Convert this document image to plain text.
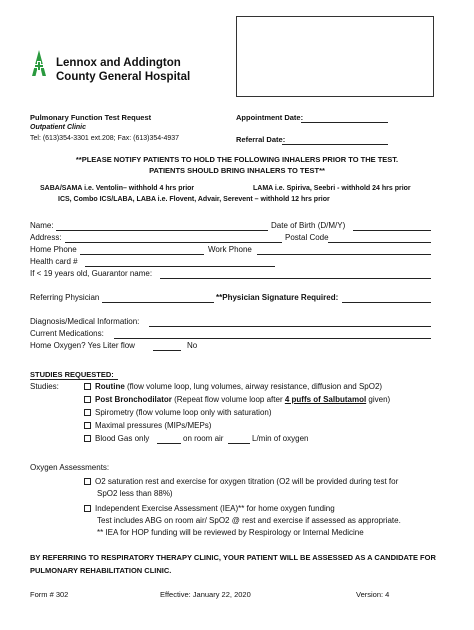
Lennox and Addington
County General Hospital
Pulmonary Function Test Request
Outpatient Clinic
Tel: (613)354-3301 ext.208; Fax: (613)354-4937
Appointment Date:
Referral Date:
**PLEASE NOTIFY PATIENTS TO HOLD THE FOLLOWING INHALERS PRIOR TO THE TEST.
PATIENTS SHOULD BRING INHALERS TO TEST**
SABA/SAMA i.e. Ventolin– withhold 4 hrs prior	LAMA i.e. Spiriva, Seebri - withhold 24 hrs prior
ICS, Combo ICS/LABA, LABA i.e. Flovent, Advair, Serevent – withhold 12 hrs prior
Name:	Date of Birth (D/M/Y)
Address:	Postal Code
Home Phone	Work Phone
Health card #
If < 19 years old, Guarantor name:
Referring Physician	**Physician Signature Required:
Diagnosis/Medical Information:
Current Medications:
Home Oxygen? Yes Liter flow	No
STUDIES REQUESTED:
Studies:	Routine (flow volume loop, lung volumes, airway resistance, diffusion and SpO2)
Post Bronchodilator (Repeat flow volume loop after 4 puffs of Salbutamol given)
Spirometry (flow volume loop only with saturation)
Maximal pressures (MIPs/MEPs)
Blood Gas only	on room air	L/min of oxygen
Oxygen Assessments:
O2 saturation rest and exercise for oxygen titration (O2 will be provided during test for
SpO2 less than 88%)
Independent Exercise Assessment (IEA)** for home oxygen funding
Test includes ABG on room air/ SpO2 @ rest and exercise if assessed as appropriate.
** IEA for HOP funding will be reviewed by Respirology or Internal Medicine
BY REFERRING TO RESPIRATORY THERAPY CLINIC, YOUR PATIENT WILL BE ASSESSED AS A CANDIDATE FOR
PULMONARY REHABILITATION CLINIC.
Form # 302	Effective: January 22, 2020	Version: 4
